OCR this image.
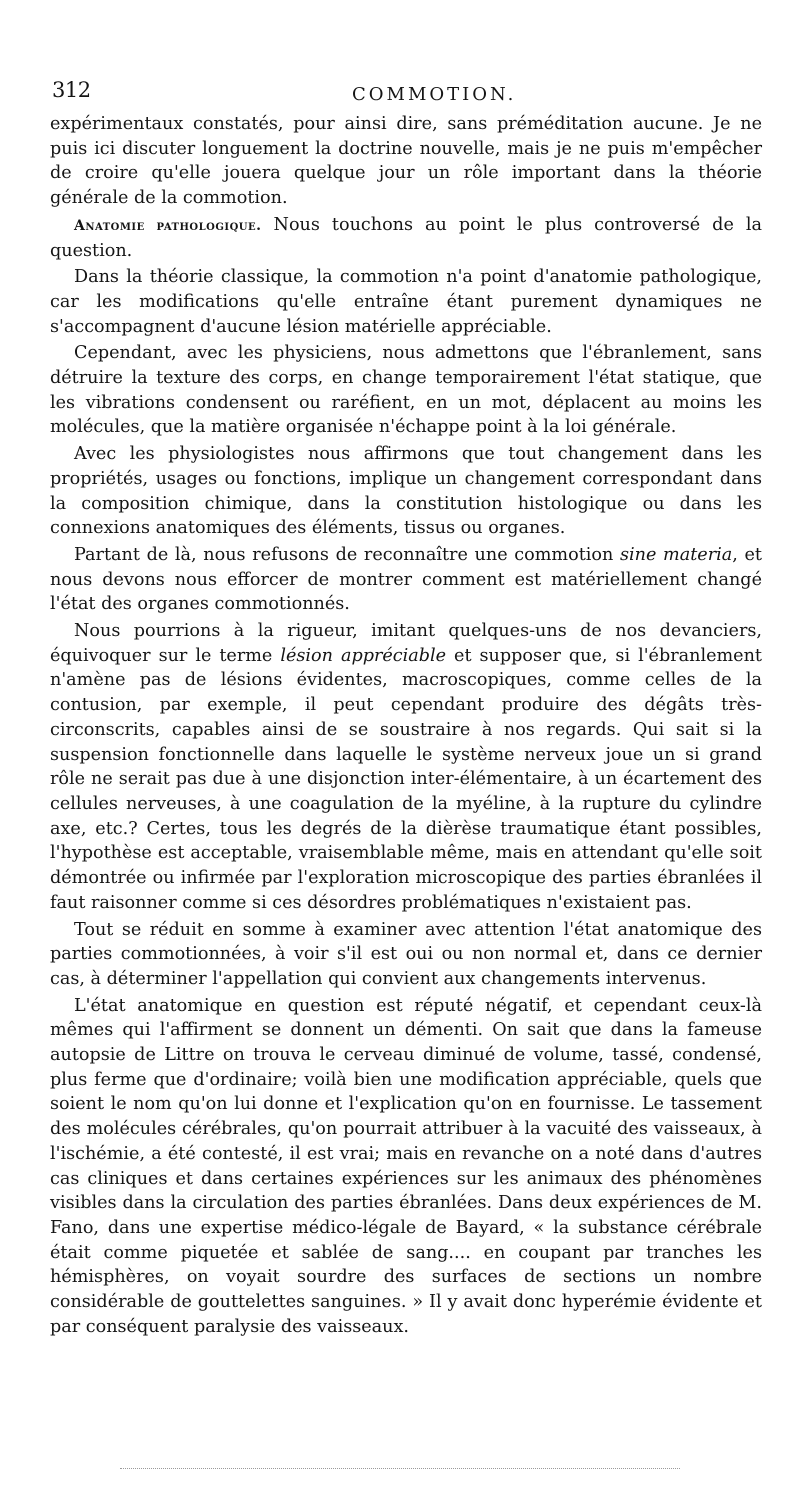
312	COMMOTION.

expérimentaux constatés, pour ainsi dire, sans préméditation aucune. Je ne puis ici discuter longuement la doctrine nouvelle, mais je ne puis m'empêcher de croire qu'elle jouera quelque jour un rôle important dans la théorie générale de la commotion.

Anatomie pathologique. Nous touchons au point le plus controversé de la question.

Dans la théorie classique, la commotion n'a point d'anatomie pathologique, car les modifications qu'elle entraîne étant purement dynamiques ne s'accompagnent d'aucune lésion matérielle appréciable.

Cependant, avec les physiciens, nous admettons que l'ébranlement, sans détruire la texture des corps, en change temporairement l'état statique, que les vibrations condensent ou raréfient, en un mot, déplacent au moins les molécules, que la matière organisée n'échappe point à la loi générale.

Avec les physiologistes nous affirmons que tout changement dans les propriétés, usages ou fonctions, implique un changement correspondant dans la composition chimique, dans la constitution histologique ou dans les connexions anatomiques des éléments, tissus ou organes.

Partant de là, nous refusons de reconnaître une commotion sine materia, et nous devons nous efforcer de montrer comment est matériellement changé l'état des organes commotionnés.

Nous pourrions à la rigueur, imitant quelques-uns de nos devanciers, équivoquer sur le terme lésion appréciable et supposer que, si l'ébranlement n'amène pas de lésions évidentes, macroscopiques, comme celles de la contusion, par exemple, il peut cependant produire des dégâts très-circonscrits, capables ainsi de se soustraire à nos regards. Qui sait si la suspension fonctionnelle dans laquelle le système nerveux joue un si grand rôle ne serait pas due à une disjonction inter-élémentaire, à un écartement des cellules nerveuses, à une coagulation de la myéline, à la rupture du cylindre axe, etc.? Certes, tous les degrés de la dièrèse traumatique étant possibles, l'hypothèse est acceptable, vraisemblable même, mais en attendant qu'elle soit démontrée ou infirmée par l'exploration microscopique des parties ébranlées il faut raisonner comme si ces désordres problématiques n'existaient pas.

Tout se réduit en somme à examiner avec attention l'état anatomique des parties commotionnées, à voir s'il est oui ou non normal et, dans ce dernier cas, à déterminer l'appellation qui convient aux changements intervenus.

L'état anatomique en question est réputé négatif, et cependant ceux-là mêmes qui l'affirment se donnent un démenti. On sait que dans la fameuse autopsie de Littre on trouva le cerveau diminué de volume, tassé, condensé, plus ferme que d'ordinaire; voilà bien une modification appréciable, quels que soient le nom qu'on lui donne et l'explication qu'on en fournisse. Le tassement des molécules cérébrales, qu'on pourrait attribuer à la vacuité des vaisseaux, à l'ischémie, a été contesté, il est vrai; mais en revanche on a noté dans d'autres cas cliniques et dans certaines expériences sur les animaux des phénomènes visibles dans la circulation des parties ébranlées. Dans deux expériences de M. Fano, dans une expertise médico-légale de Bayard, « la substance cérébrale était comme piquetée et sablée de sang.... en coupant par tranches les hémisphères, on voyait sourdre des surfaces de sections un nombre considérable de gouttelettes sanguines. » Il y avait donc hyperémie évidente et par conséquent paralysie des vaisseaux.
